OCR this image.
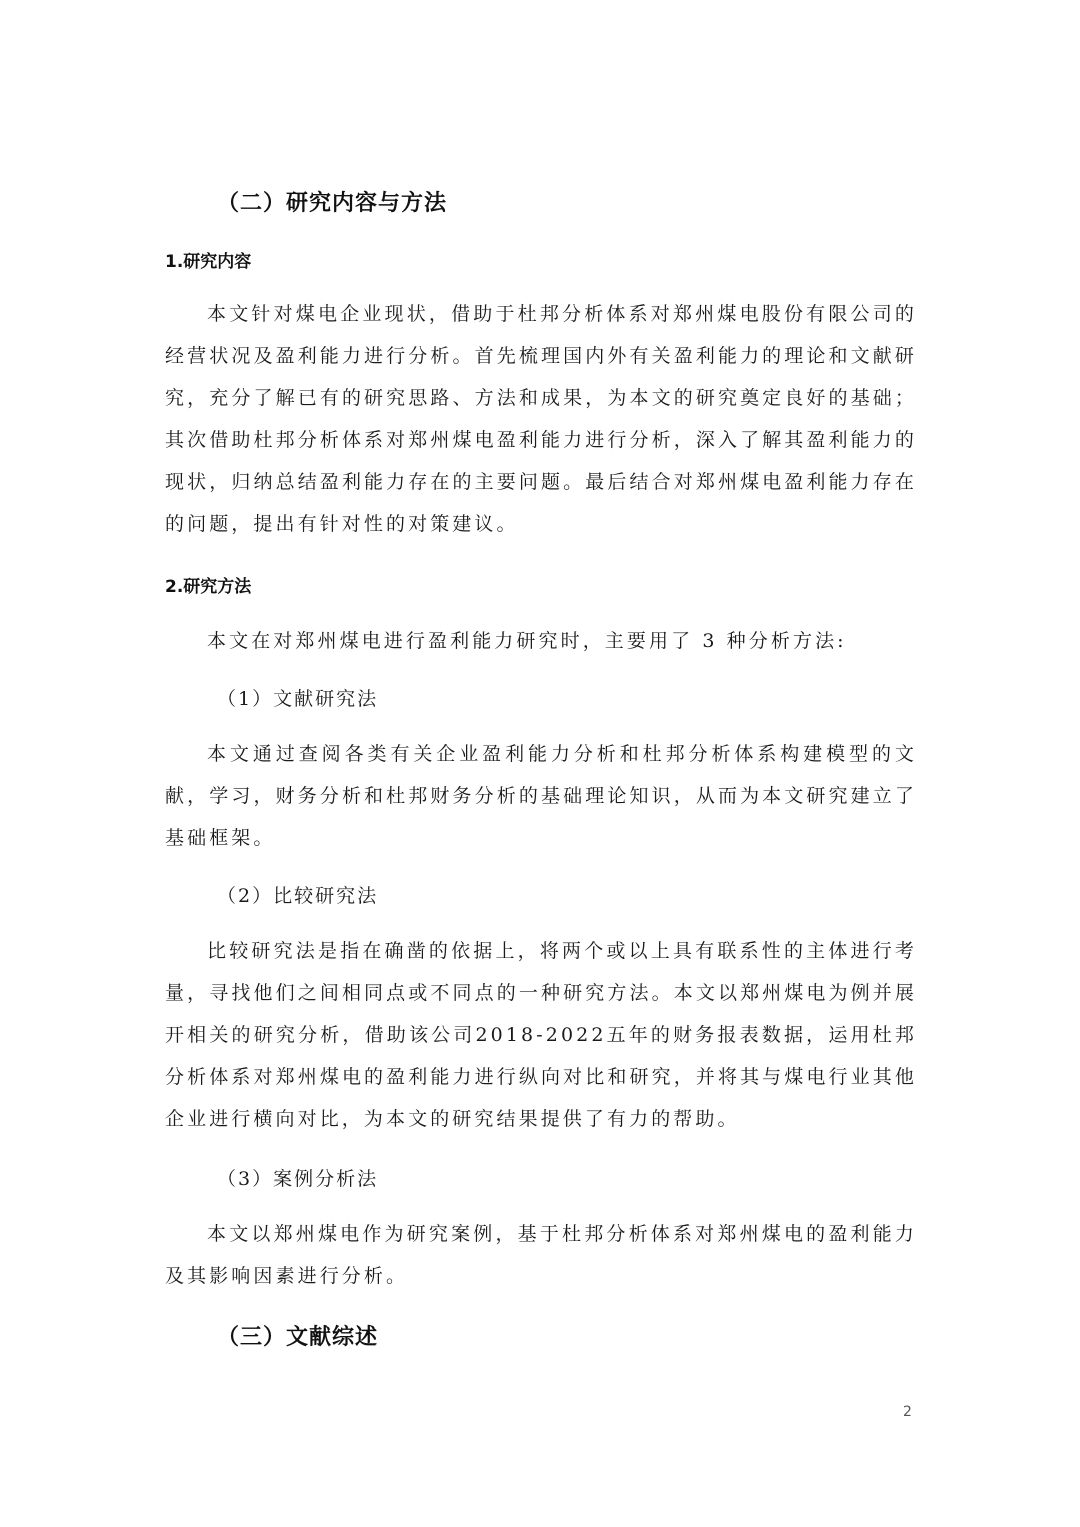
（二）研究内容与方法
1.研究内容

本文针对煤电企业现状，借助于杜邦分析体系对郑州煤电股份有限公司的经营状况及盈利能力进行分析。首先梳理国内外有关盈利能力的理论和文献研究，充分了解已有的研究思路、方法和成果，为本文的研究奠定良好的基础；其次借助杜邦分析体系对郑州煤电盈利能力进行分析，深入了解其盈利能力的现状，归纳总结盈利能力存在的主要问题。最后结合对郑州煤电盈利能力存在的问题，提出有针对性的对策建议。

2.研究方法

本文在对郑州煤电进行盈利能力研究时，主要用了 3 种分析方法:

（1）文献研究法

本文通过查阅各类有关企业盈利能力分析和杜邦分析体系构建模型的文献，学习，财务分析和杜邦财务分析的基础理论知识，从而为本文研究建立了基础框架。

（2）比较研究法

比较研究法是指在确凿的依据上，将两个或以上具有联系性的主体进行考量，寻找他们之间相同点或不同点的一种研究方法。本文以郑州煤电为例并展开相关的研究分析，借助该公司2018-2022五年的财务报表数据，运用杜邦分析体系对郑州煤电的盈利能力进行纵向对比和研究，并将其与煤电行业其他企业进行横向对比，为本文的研究结果提供了有力的帮助。

（3）案例分析法

本文以郑州煤电作为研究案例，基于杜邦分析体系对郑州煤电的盈利能力及其影响因素进行分析。

（三）文献综述
2
